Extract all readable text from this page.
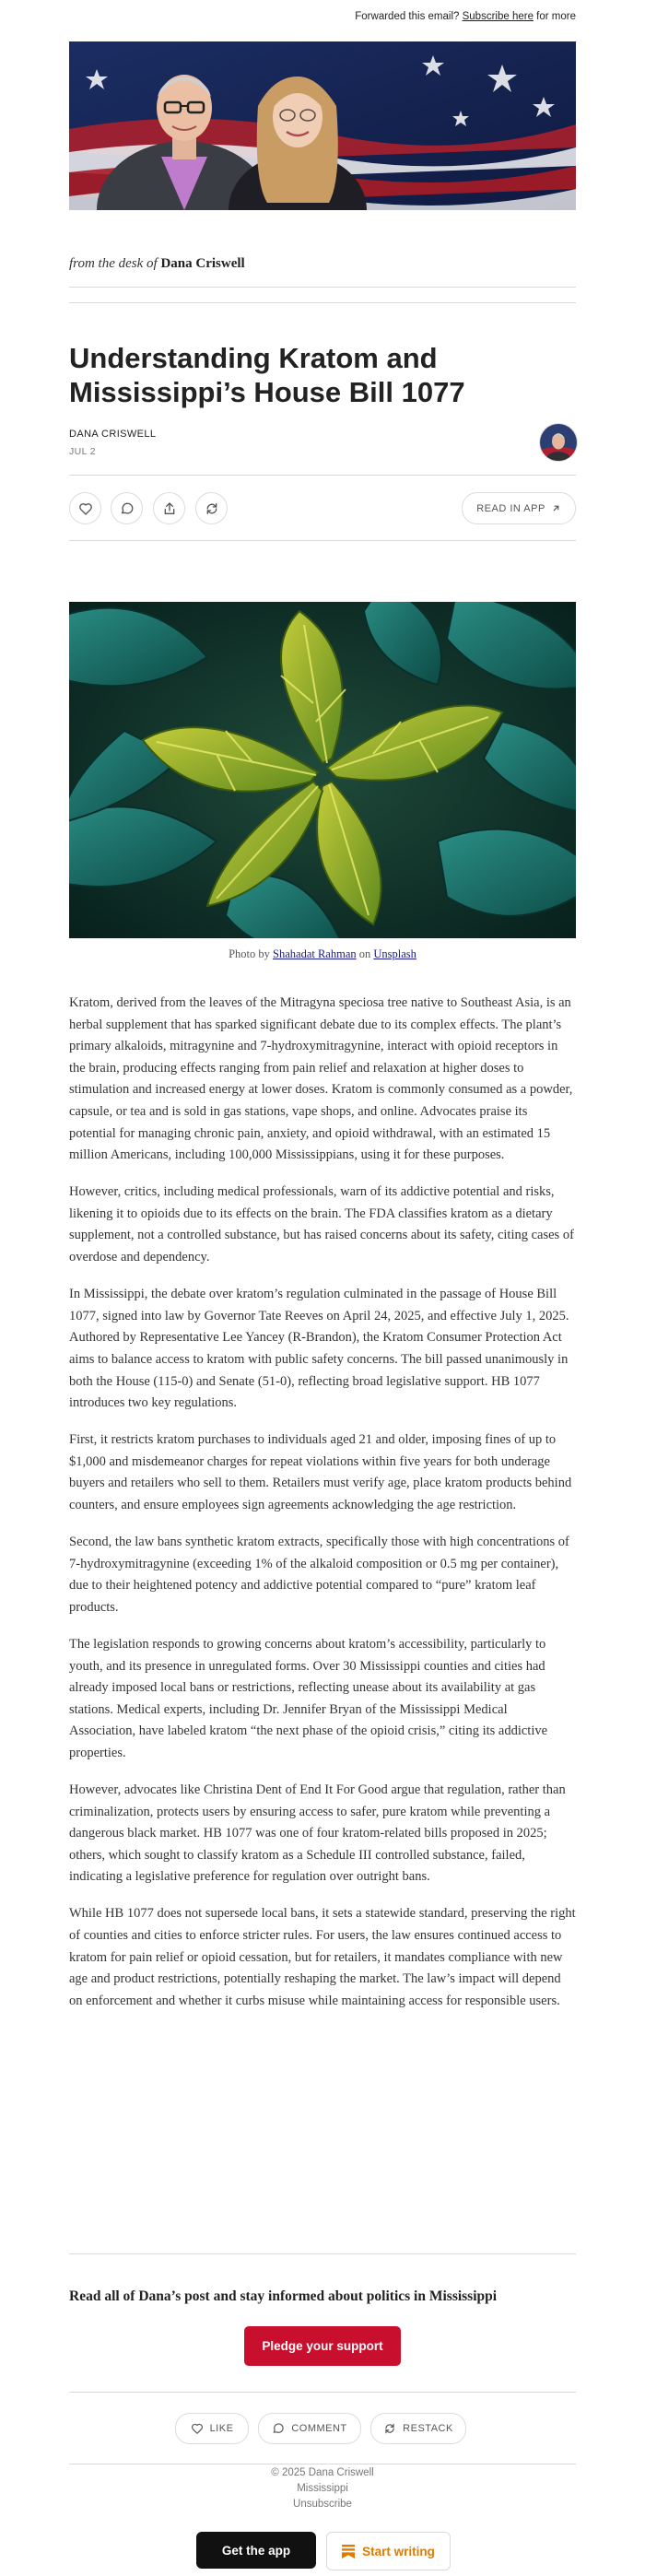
Forwarded this email? Subscribe here for more
from the desk of Dana Criswell
Understanding Kratom and Mississippi’s House Bill 1077
DANA CRISWELL
JUL 2
READ IN APP
Photo by Shahadat Rahman on Unsplash

Kratom, derived from the leaves of the Mitragyna speciosa tree native to Southeast Asia, is an herbal supplement that has sparked significant debate due to its complex effects. The plant’s primary alkaloids, mitragynine and 7-hydroxymitragynine, interact with opioid receptors in the brain, producing effects ranging from pain relief and relaxation at higher doses to stimulation and increased energy at lower doses. Kratom is commonly consumed as a powder, capsule, or tea and is sold in gas stations, vape shops, and online. Advocates praise its potential for managing chronic pain, anxiety, and opioid withdrawal, with an estimated 15 million Americans, including 100,000 Mississippians, using it for these purposes.

However, critics, including medical professionals, warn of its addictive potential and risks, likening it to opioids due to its effects on the brain. The FDA classifies kratom as a dietary supplement, not a controlled substance, but has raised concerns about its safety, citing cases of overdose and dependency.

In Mississippi, the debate over kratom’s regulation culminated in the passage of House Bill 1077, signed into law by Governor Tate Reeves on April 24, 2025, and effective July 1, 2025. Authored by Representative Lee Yancey (R-Brandon), the Kratom Consumer Protection Act aims to balance access to kratom with public safety concerns. The bill passed unanimously in both the House (115-0) and Senate (51-0), reflecting broad legislative support. HB 1077 introduces two key regulations.

First, it restricts kratom purchases to individuals aged 21 and older, imposing fines of up to $1,000 and misdemeanor charges for repeat violations within five years for both underage buyers and retailers who sell to them. Retailers must verify age, place kratom products behind counters, and ensure employees sign agreements acknowledging the age restriction.

Second, the law bans synthetic kratom extracts, specifically those with high concentrations of 7-hydroxymitragynine (exceeding 1% of the alkaloid composition or 0.5 mg per container), due to their heightened potency and addictive potential compared to “pure” kratom leaf products.

The legislation responds to growing concerns about kratom’s accessibility, particularly to youth, and its presence in unregulated forms. Over 30 Mississippi counties and cities had already imposed local bans or restrictions, reflecting unease about its availability at gas stations. Medical experts, including Dr. Jennifer Bryan of the Mississippi Medical Association, have labeled kratom “the next phase of the opioid crisis,” citing its addictive properties.

However, advocates like Christina Dent of End It For Good argue that regulation, rather than criminalization, protects users by ensuring access to safer, pure kratom while preventing a dangerous black market. HB 1077 was one of four kratom-related bills proposed in 2025; others, which sought to classify kratom as a Schedule III controlled substance, failed, indicating a legislative preference for regulation over outright bans.

While HB 1077 does not supersede local bans, it sets a statewide standard, preserving the right of counties and cities to enforce stricter rules. For users, the law ensures continued access to kratom for pain relief or opioid cessation, but for retailers, it mandates compliance with new age and product restrictions, potentially reshaping the market. The law’s impact will depend on enforcement and whether it curbs misuse while maintaining access for responsible users.

Read all of Dana’s post and stay informed about politics in Mississippi
Pledge your support
LIKE	COMMENT	RESTACK
© 2025 Dana Criswell
Mississippi
Unsubscribe
Get the app	Start writing
